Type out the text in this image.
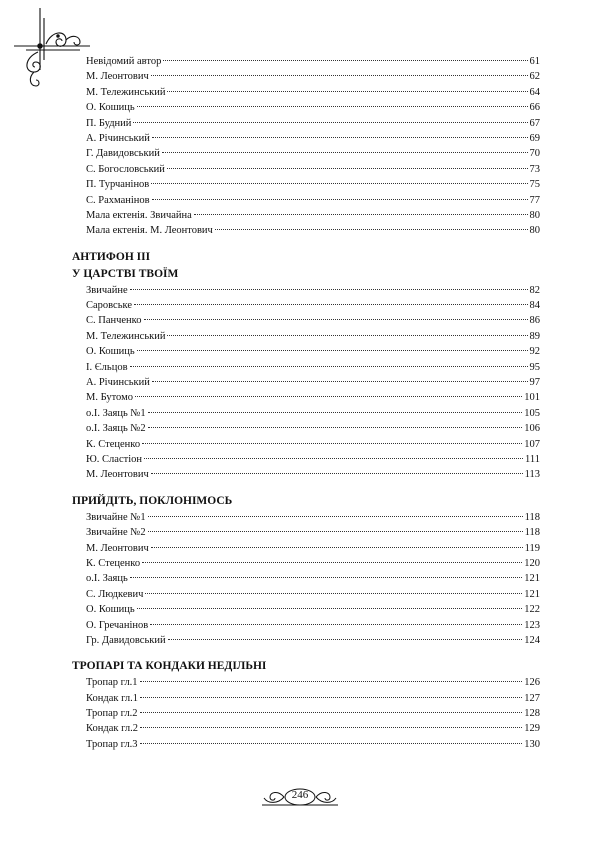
Невідомий автор	61
М. Леонтович	62
М. Тележинський	64
О. Кошиць	66
П. Будний	67
А. Річинський	69
Г. Давидовський	70
С. Богословський	73
П. Турчанінов	75
С. Рахманінов	77
Мала ектенія. Звичайна	80
Мала ектенія. М. Леонтович	80
АНТИФОН ІІІ
У ЦАРСТВІ ТВОЇМ
Звичайне	82
Саровське	84
С. Панченко	86
М. Тележинський	89
О. Кошиць	92
І. Єльцов	95
А. Річинський	97
М. Бутомо	101
о.І. Заяць №1	105
о.І. Заяць №2	106
К. Стеценко	107
Ю. Сластіон	111
М. Леонтович	113
ПРИЙДІТЬ, ПОКЛОНІМОСЬ
Звичайне №1	118
Звичайне №2	118
М. Леонтович	119
К. Стеценко	120
о.І. Заяць	121
С. Людкевич	121
О. Кошиць	122
О. Гречанінов	123
Гр. Давидовський	124
ТРОПАРІ ТА КОНДАКИ НЕДІЛЬНІ
Тропар гл.1	126
Кондак гл.1	127
Тропар гл.2	128
Кондак гл.2	129
Тропар гл.3	130
246
